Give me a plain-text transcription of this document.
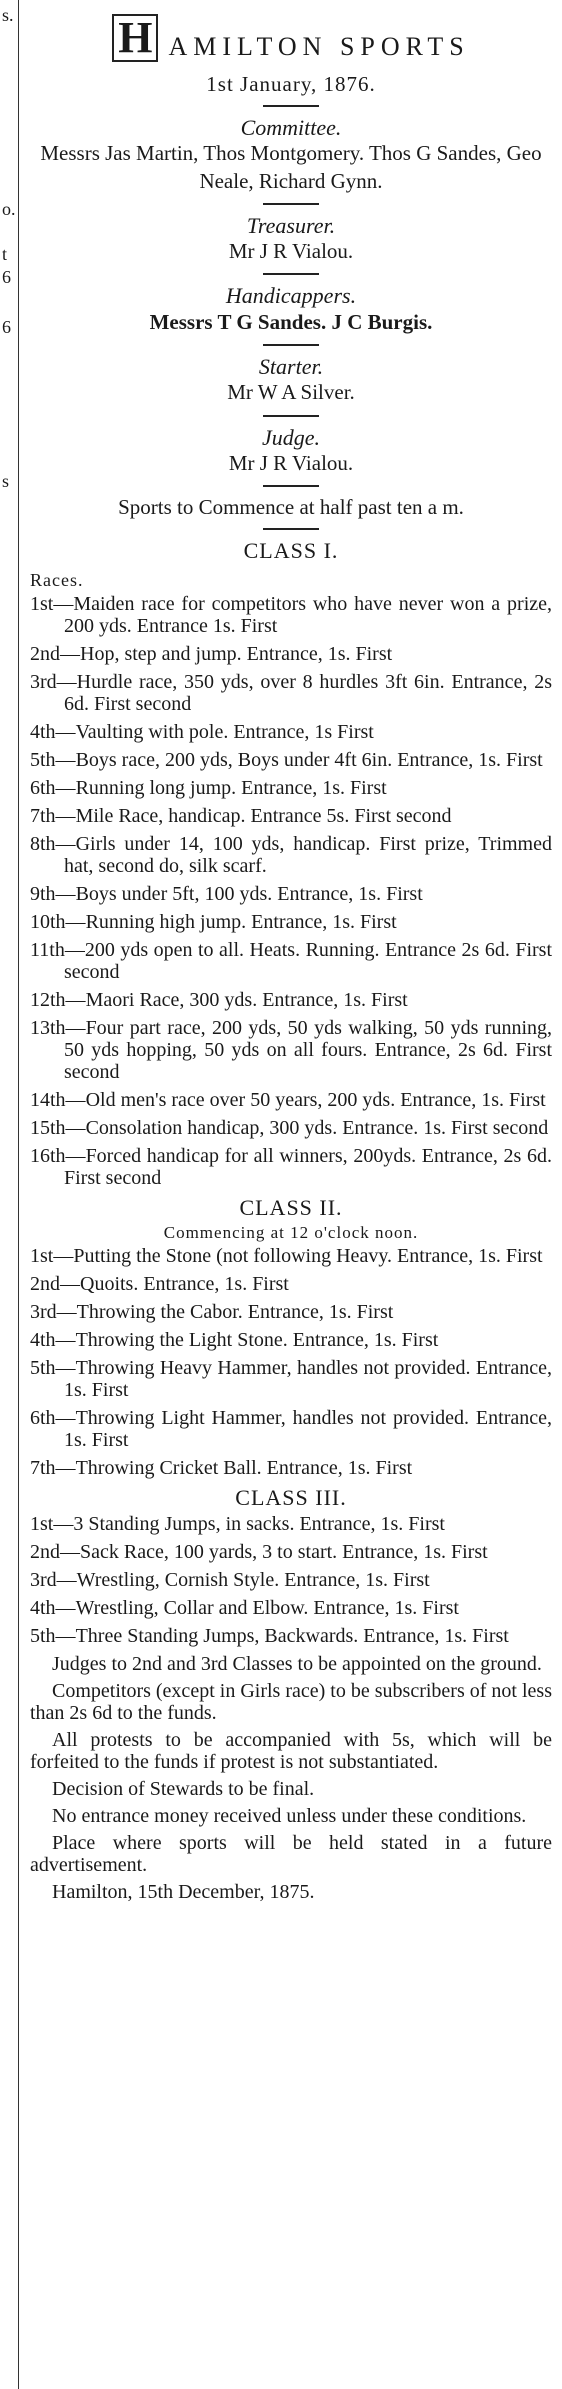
s.
o.
t
6
6
s
H AMILTON SPORTS
1st January, 1876.
Committee.
Messrs Jas Martin, Thos Montgomery. Thos G Sandes, Geo Neale, Richard Gynn.
Treasurer.
Mr J R Vialou.
Handicappers.
Messrs T G Sandes. J C Burgis.
Starter.
Mr W A Silver.
Judge.
Mr J R Vialou.
Sports to Commence at half past ten a m.
CLASS I.
Races.
1st—Maiden race for competitors who have never won a prize, 200 yds. Entrance 1s. First
2nd—Hop, step and jump. Entrance, 1s. First
3rd—Hurdle race, 350 yds, over 8 hurdles 3ft 6in. Entrance, 2s 6d. First second
4th—Vaulting with pole. Entrance, 1s First
5th—Boys race, 200 yds, Boys under 4ft 6in. Entrance, 1s. First
6th—Running long jump. Entrance, 1s. First
7th—Mile Race, handicap. Entrance 5s. First second
8th—Girls under 14, 100 yds, handicap. First prize, Trimmed hat, second do, silk scarf.
9th—Boys under 5ft, 100 yds. Entrance, 1s. First
10th—Running high jump. Entrance, 1s. First
11th—200 yds open to all. Heats. Running. Entrance 2s 6d. First second
12th—Maori Race, 300 yds. Entrance, 1s. First
13th—Four part race, 200 yds, 50 yds walking, 50 yds running, 50 yds hopping, 50 yds on all fours. Entrance, 2s 6d. First second
14th—Old men's race over 50 years, 200 yds. Entrance, 1s. First
15th—Consolation handicap, 300 yds. Entrance. 1s. First second
16th—Forced handicap for all winners, 200yds. Entrance, 2s 6d. First second
CLASS II.
Commencing at 12 o'clock noon.
1st—Putting the Stone (not following Heavy. Entrance, 1s. First
2nd—Quoits. Entrance, 1s. First
3rd—Throwing the Cabor. Entrance, 1s. First
4th—Throwing the Light Stone. Entrance, 1s. First
5th—Throwing Heavy Hammer, handles not provided. Entrance, 1s. First
6th—Throwing Light Hammer, handles not provided. Entrance, 1s. First
7th—Throwing Cricket Ball. Entrance, 1s. First
CLASS III.
1st—3 Standing Jumps, in sacks. Entrance, 1s. First
2nd—Sack Race, 100 yards, 3 to start. Entrance, 1s. First
3rd—Wrestling, Cornish Style. Entrance, 1s. First
4th—Wrestling, Collar and Elbow. Entrance, 1s. First
5th—Three Standing Jumps, Backwards. Entrance, 1s. First
Judges to 2nd and 3rd Classes to be appointed on the ground.
Competitors (except in Girls race) to be subscribers of not less than 2s 6d to the funds.
All protests to be accompanied with 5s, which will be forfeited to the funds if protest is not substantiated.
Decision of Stewards to be final.
No entrance money received unless under these conditions.
Place where sports will be held stated in a future advertisement.
Hamilton, 15th December, 1875.
